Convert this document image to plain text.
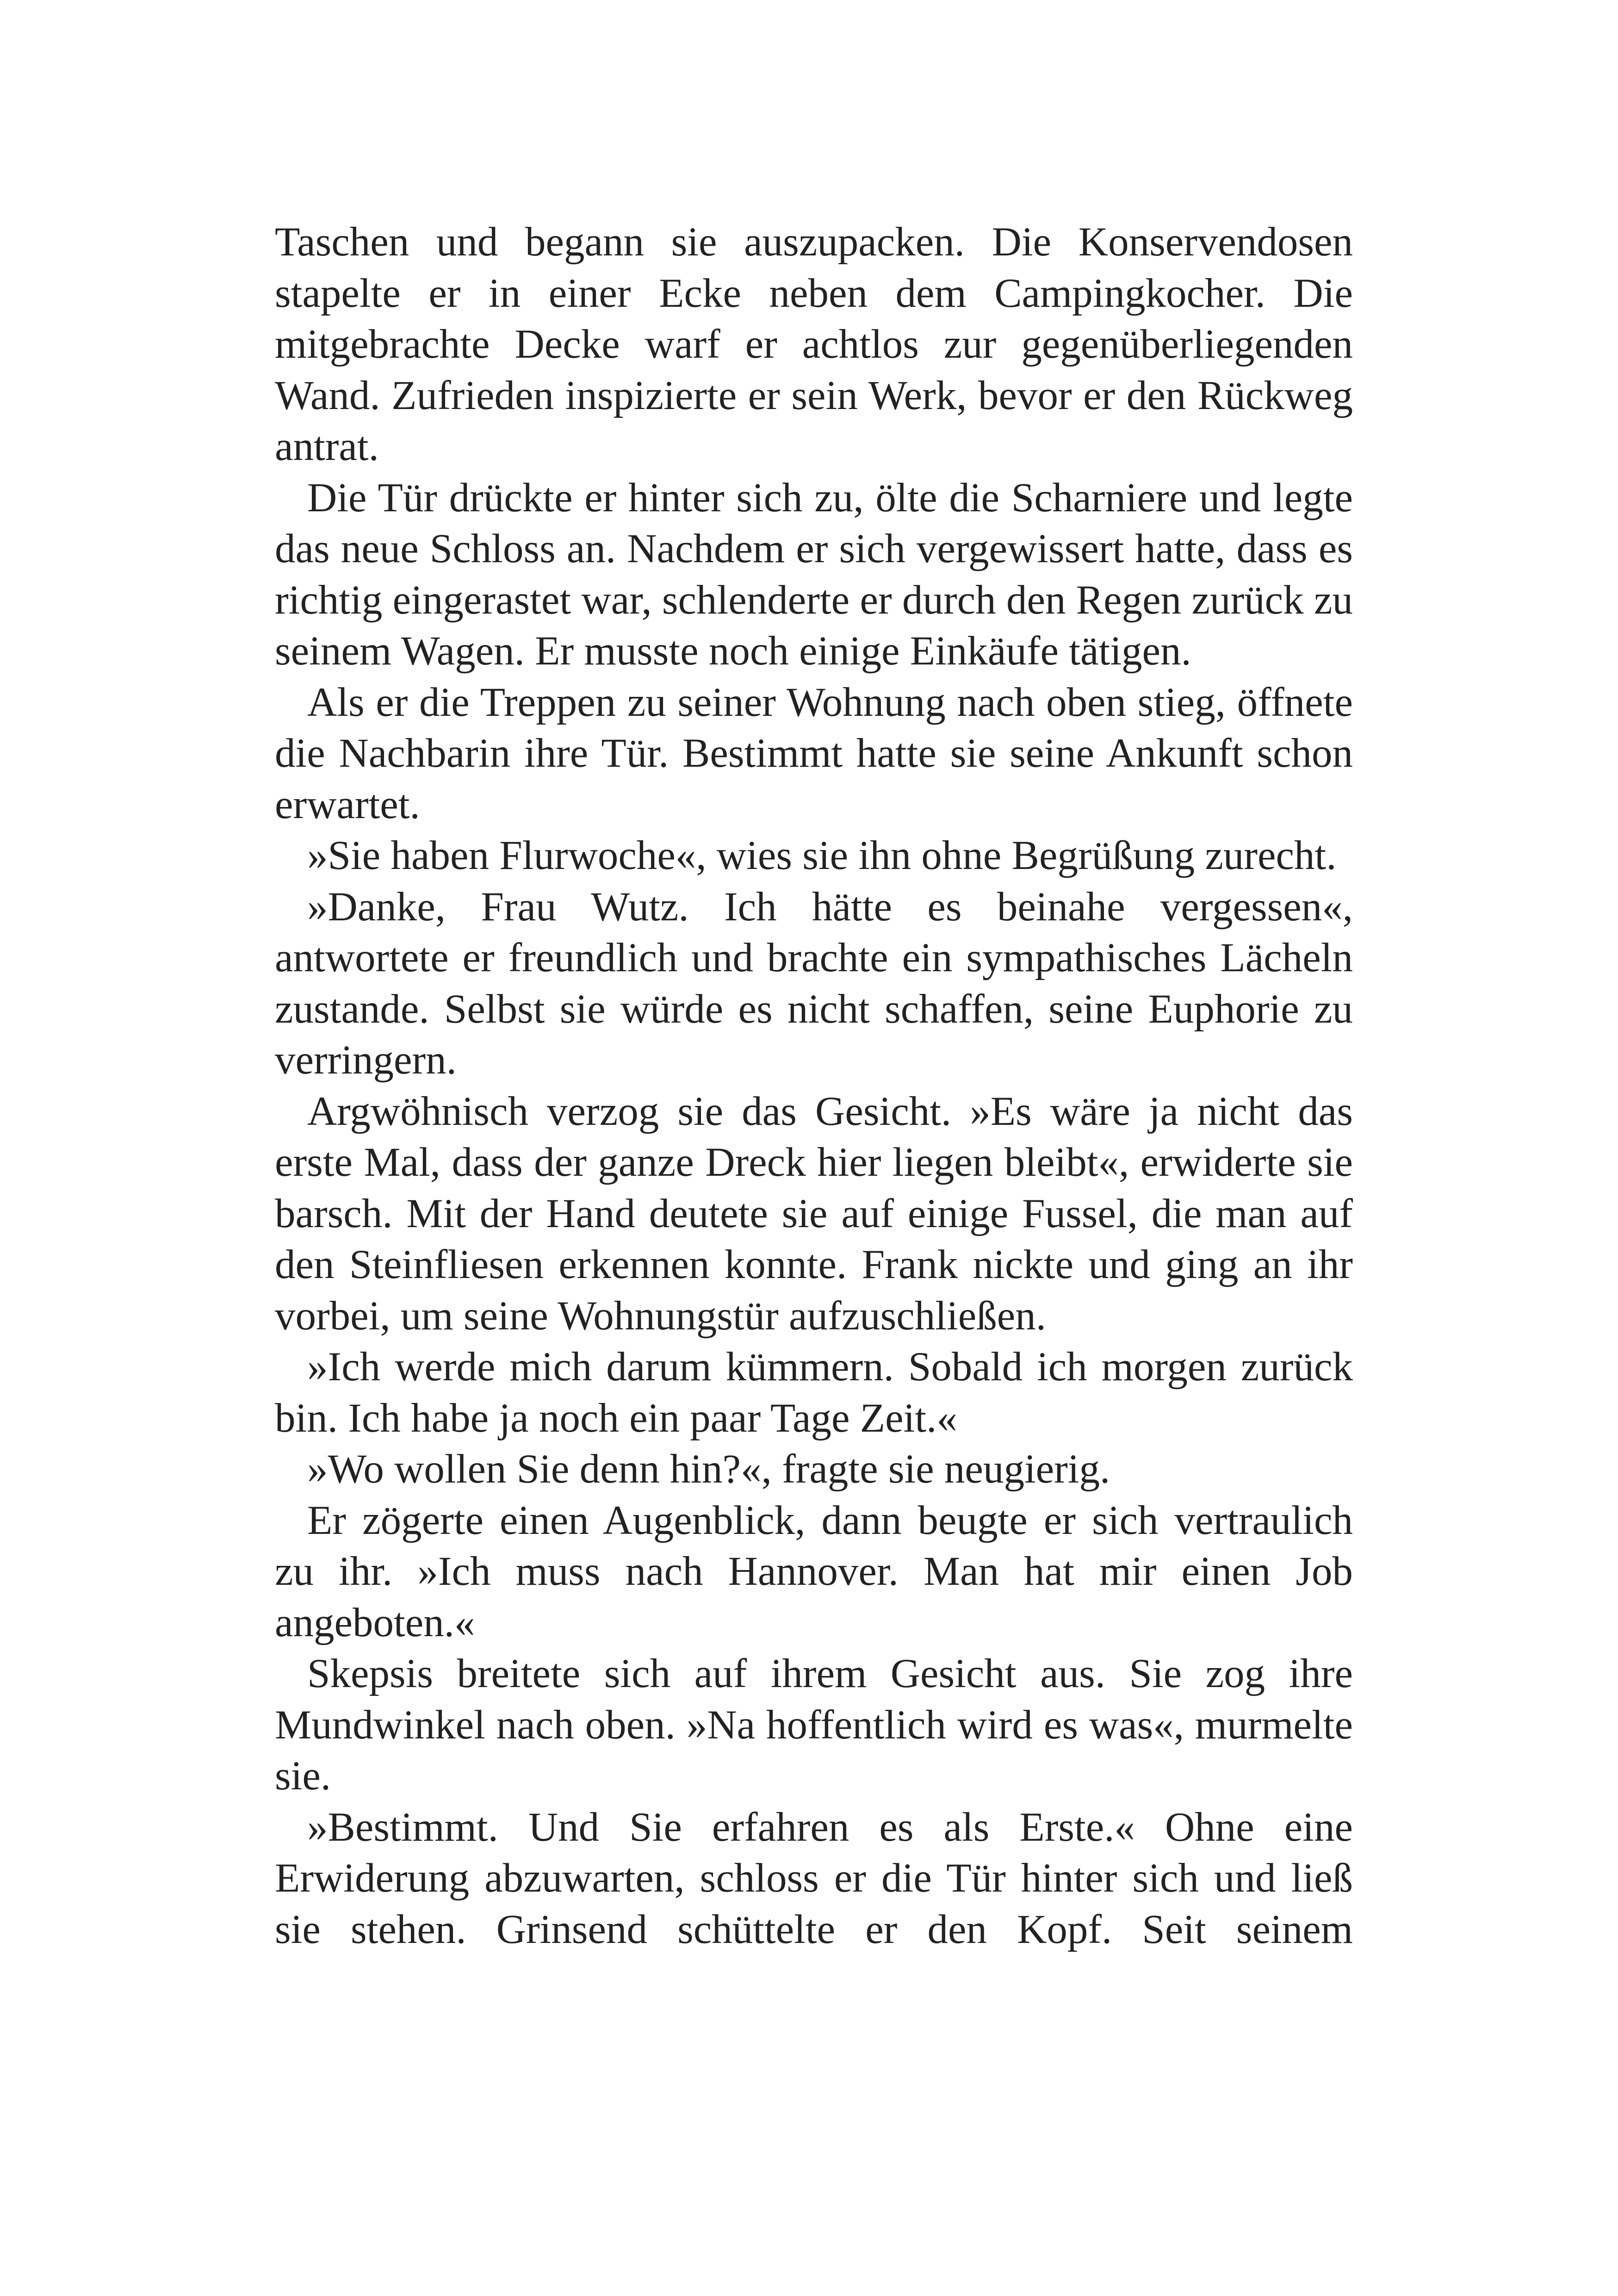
Taschen und begann sie auszupacken. Die Konservendosen stapelte er in einer Ecke neben dem Campingkocher. Die mitgebrachte Decke warf er achtlos zur gegenüberliegenden Wand. Zufrieden inspizierte er sein Werk, bevor er den Rückweg antrat.

Die Tür drückte er hinter sich zu, ölte die Scharniere und legte das neue Schloss an. Nachdem er sich vergewissert hatte, dass es richtig eingerastet war, schlenderte er durch den Regen zurück zu seinem Wagen. Er musste noch einige Einkäufe tätigen.

Als er die Treppen zu seiner Wohnung nach oben stieg, öffnete die Nachbarin ihre Tür. Bestimmt hatte sie seine Ankunft schon erwartet.

»Sie haben Flurwoche«, wies sie ihn ohne Begrüßung zurecht.

»Danke, Frau Wutz. Ich hätte es beinahe vergessen«, antwortete er freundlich und brachte ein sympathisches Lächeln zustande. Selbst sie würde es nicht schaffen, seine Euphorie zu verringern.

Argwöhnisch verzog sie das Gesicht. »Es wäre ja nicht das erste Mal, dass der ganze Dreck hier liegen bleibt«, erwiderte sie barsch. Mit der Hand deutete sie auf einige Fussel, die man auf den Steinfliesen erkennen konnte. Frank nickte und ging an ihr vorbei, um seine Wohnungstür aufzuschließen.

»Ich werde mich darum kümmern. Sobald ich morgen zurück bin. Ich habe ja noch ein paar Tage Zeit.«

»Wo wollen Sie denn hin?«, fragte sie neugierig.

Er zögerte einen Augenblick, dann beugte er sich vertraulich zu ihr. »Ich muss nach Hannover. Man hat mir einen Job angeboten.«

Skepsis breitete sich auf ihrem Gesicht aus. Sie zog ihre Mundwinkel nach oben. »Na hoffentlich wird es was«, murmelte sie.

»Bestimmt. Und Sie erfahren es als Erste.« Ohne eine Erwiderung abzuwarten, schloss er die Tür hinter sich und ließ sie stehen. Grinsend schüttelte er den Kopf. Seit seinem
